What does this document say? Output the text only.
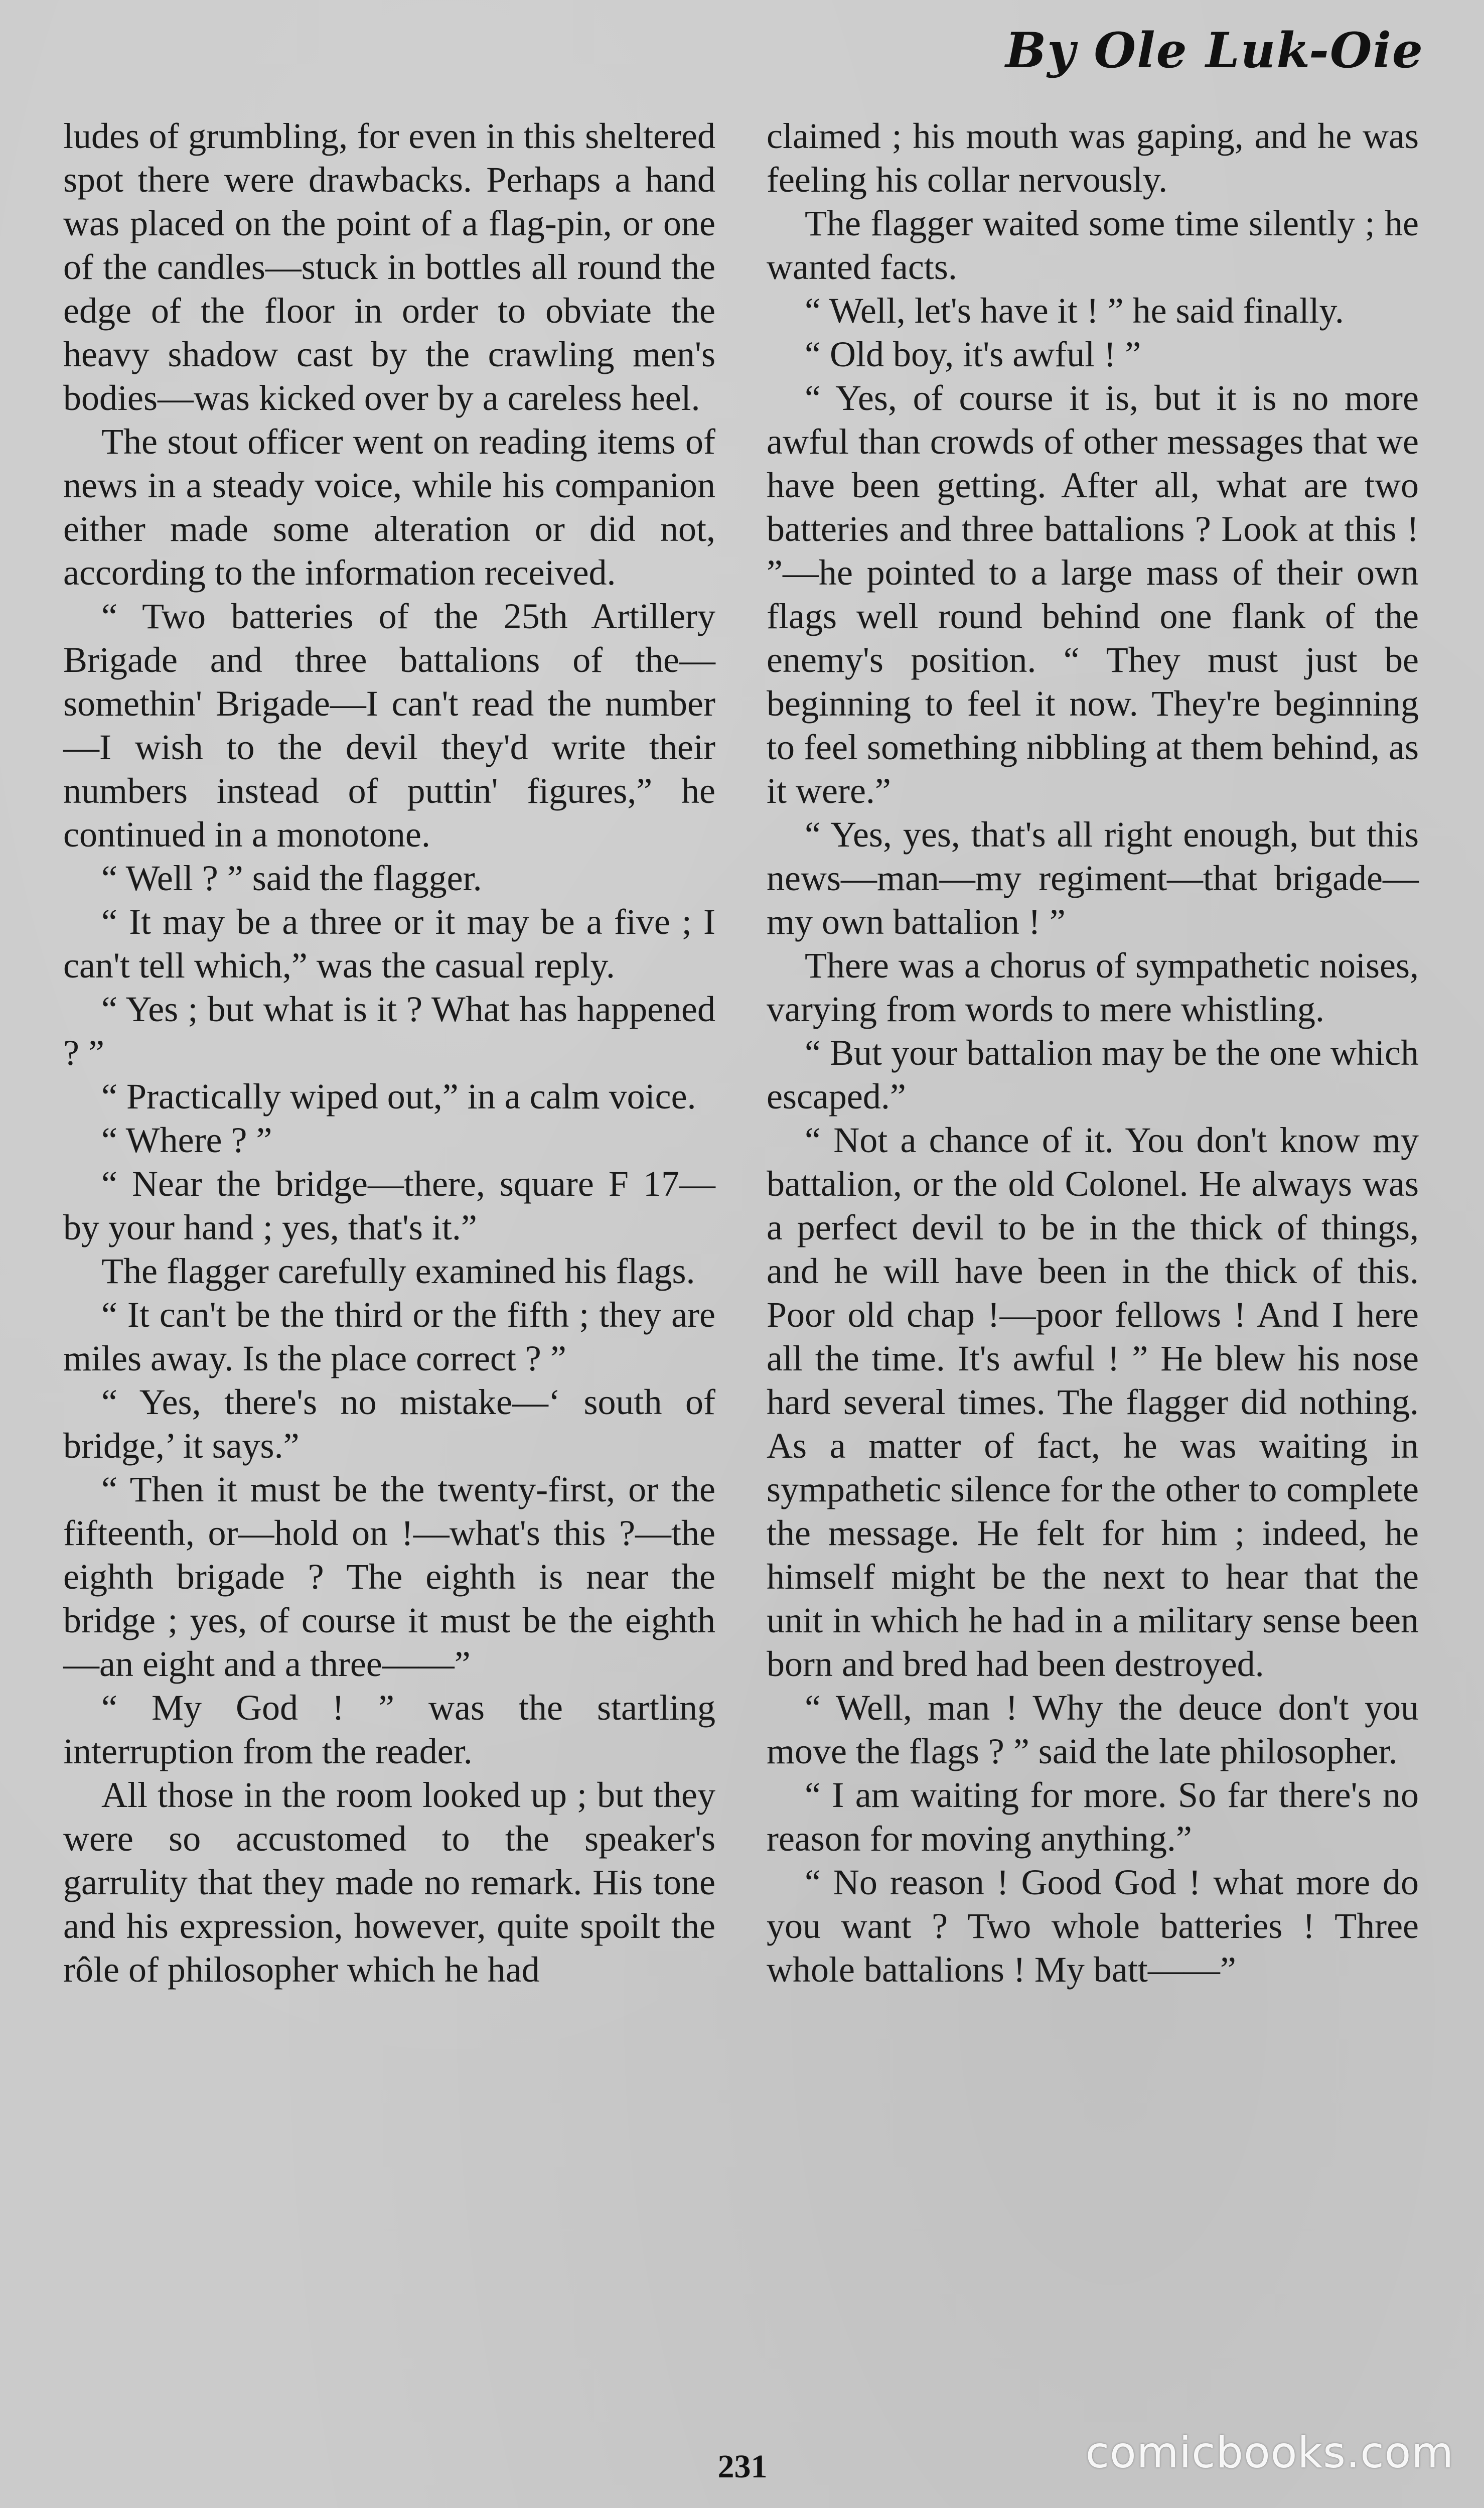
By Ole Luk-Oie

ludes of grumbling, for even in this sheltered spot there were drawbacks. Perhaps a hand was placed on the point of a flag-pin, or one of the candles—stuck in bottles all round the edge of the floor in order to obviate the heavy shadow cast by the crawling men's bodies—was kicked over by a careless heel.

The stout officer went on reading items of news in a steady voice, while his companion either made some alteration or did not, according to the information received.

“ Two batteries of the 25th Artillery Brigade and three battalions of the—somethin' Brigade—I can't read the number—I wish to the devil they'd write their numbers instead of puttin' figures,” he continued in a monotone.

“ Well ? ” said the flagger.

“ It may be a three or it may be a five ; I can't tell which,” was the casual reply.

“ Yes ; but what is it ? What has happened ? ”

“ Practically wiped out,” in a calm voice.

“ Where ? ”

“ Near the bridge—there, square F 17—by your hand ; yes, that's it.”

The flagger carefully examined his flags.

“ It can't be the third or the fifth ; they are miles away. Is the place correct ? ”

“ Yes, there's no mistake—‘ south of bridge,’ it says.”

“ Then it must be the twenty-first, or the fifteenth, or—hold on !—what's this ?—the eighth brigade ? The eighth is near the bridge ; yes, of course it must be the eighth—an eight and a three——”

“ My God ! ” was the startling interruption from the reader.

All those in the room looked up ; but they were so accustomed to the speaker's garrulity that they made no remark. His tone and his expression, however, quite spoilt the rôle of philosopher which he had

claimed ; his mouth was gaping, and he was feeling his collar nervously.

The flagger waited some time silently ; he wanted facts.

“ Well, let's have it ! ” he said finally.

“ Old boy, it's awful ! ”

“ Yes, of course it is, but it is no more awful than crowds of other messages that we have been getting. After all, what are two batteries and three battalions ? Look at this ! ”—he pointed to a large mass of their own flags well round behind one flank of the enemy's position. “ They must just be beginning to feel it now. They're beginning to feel something nibbling at them behind, as it were.”

“ Yes, yes, that's all right enough, but this news—man—my regiment—that brigade—my own battalion ! ”

There was a chorus of sympathetic noises, varying from words to mere whistling.

“ But your battalion may be the one which escaped.”

“ Not a chance of it. You don't know my battalion, or the old Colonel. He always was a perfect devil to be in the thick of things, and he will have been in the thick of this. Poor old chap !—poor fellows ! And I here all the time. It's awful ! ” He blew his nose hard several times. The flagger did nothing. As a matter of fact, he was waiting in sympathetic silence for the other to complete the message. He felt for him ; indeed, he himself might be the next to hear that the unit in which he had in a military sense been born and bred had been destroyed.

“ Well, man ! Why the deuce don't you move the flags ? ” said the late philosopher.

“ I am waiting for more. So far there's no reason for moving anything.”

“ No reason ! Good God ! what more do you want ? Two whole batteries ! Three whole battalions ! My batt——”

231	comicbooks.com
